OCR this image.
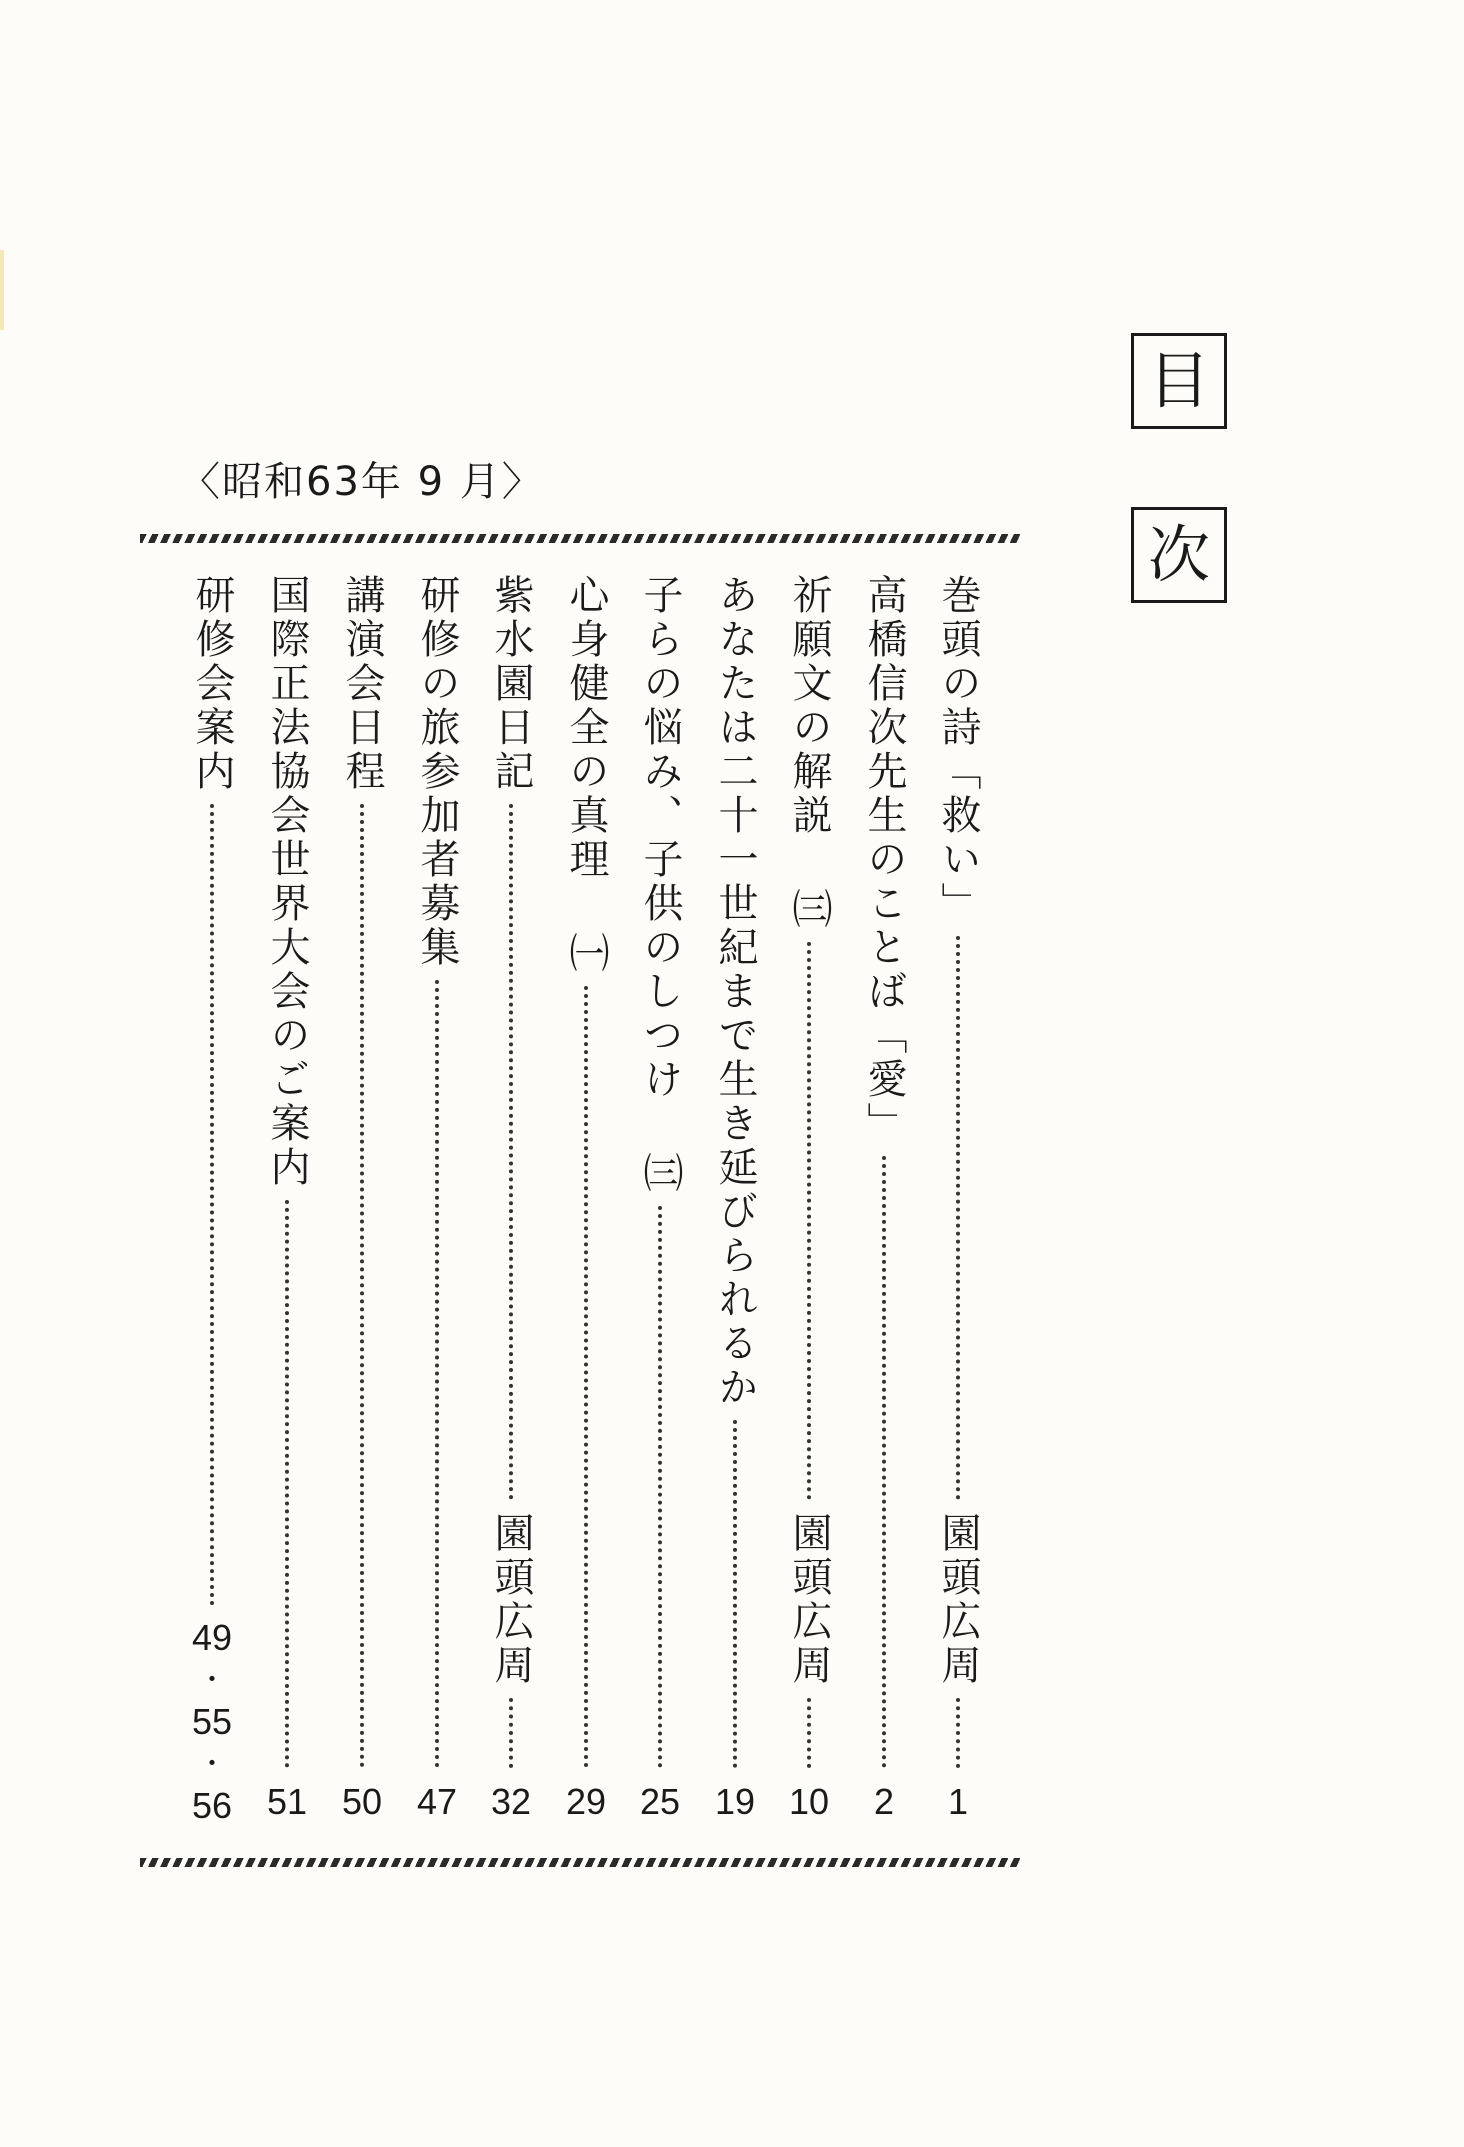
目
次
〈昭和63年 9 月〉
巻頭の詩「救い」
園頭広周
1
高橋信次先生のことば「愛」
2
祈願文の解説 ㈢
園頭広周
10
あなたは二十一世紀まで生き延びられるか
19
子らの悩み、子供のしつけ ㈢
25
心身健全の真理 ㈠
29
紫水園日記
園頭広周
32
研修の旅参加者募集
47
講演会日程
50
国際正法協会世界大会のご案内
51
研修会案内
49
・
55
・
56
